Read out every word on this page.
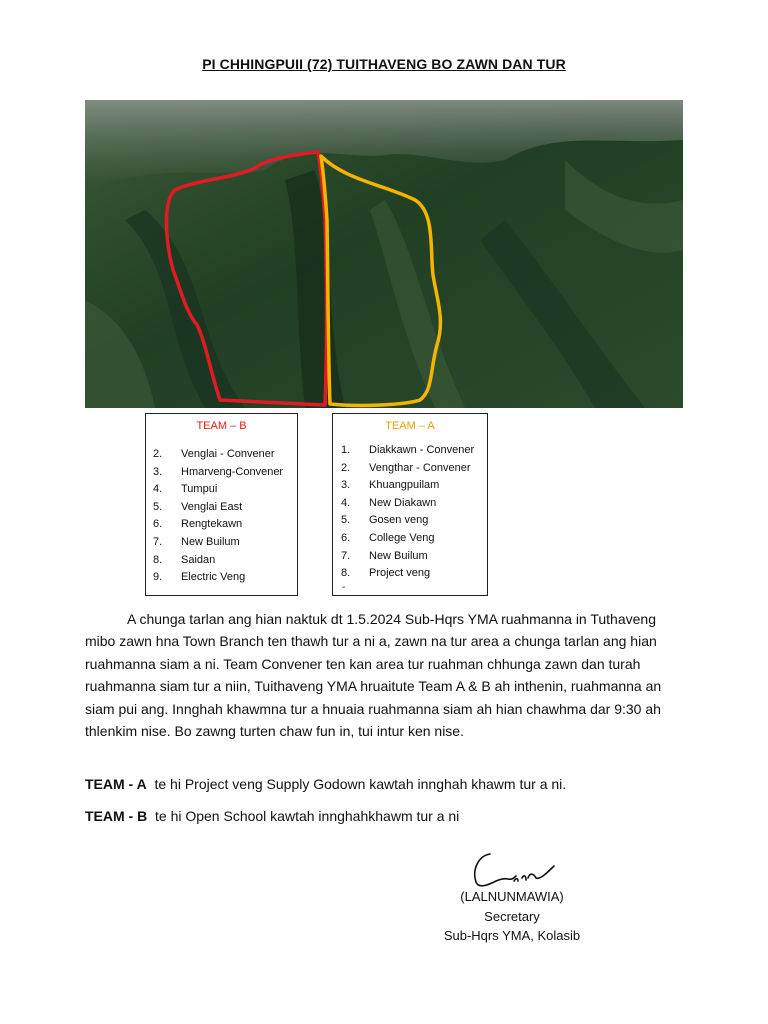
PI CHHINGPUII (72) TUITHAVENG BO ZAWN DAN TUR
TEAM – B
2.	Venglai - Convener
3.	Hmarveng-Convener
4.	Tumpui
5.	Venglai East
6.	Rengtekawn
7.	New Builum
8.	Saidan
9.	Electric Veng
TEAM – A
1.	Diakkawn - Convener
2.	Vengthar - Convener
3.	Khuangpuilam
4.	New Diakawn
5.	Gosen veng
6.	College Veng
7.	New Builum
8.	Project veng
-

A chunga tarlan ang hian naktuk dt 1.5.2024 Sub-Hqrs YMA ruahmanna in Tuthaveng mibo zawn hna Town Branch ten thawh tur a ni a, zawn na tur area a chunga tarlan ang hian ruahmanna siam a ni. Team Convener ten kan area tur ruahman chhunga zawn dan turah ruahmanna siam tur a niin, Tuithaveng YMA hruaitute Team A & B ah inthenin, ruahmanna an siam pui ang. Innghah khawmna tur a hnuaia ruahmanna siam ah hian chawhma dar 9:30 ah thlenkim nise. Bo zawng turten chaw fun in, tui intur ken nise.

TEAM - A  te hi Project veng Supply Godown kawtah innghah khawm tur a ni.
TEAM - B  te hi Open School kawtah innghahkhawm tur a ni
(LALNUNMAWIA)
Secretary
Sub-Hqrs YMA, Kolasib
